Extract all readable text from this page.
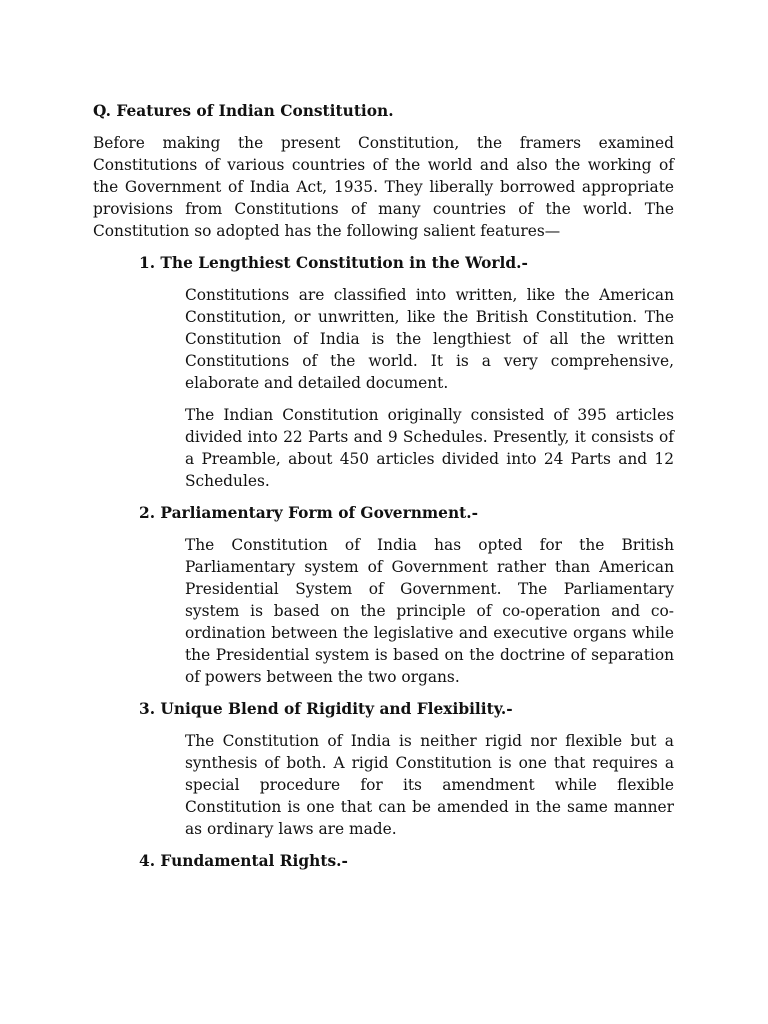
Q. Features of Indian Constitution.
Before making the present Constitution, the framers examined Constitutions of various countries of the world and also the working of the Government of India Act, 1935. They liberally borrowed appropriate provisions from Constitutions of many countries of the world. The Constitution so adopted has the following salient features—
1. The Lengthiest Constitution in the World.-
Constitutions are classified into written, like the American Constitution, or unwritten, like the British Constitution. The Constitution of India is the lengthiest of all the written Constitutions of the world. It is a very comprehensive, elaborate and detailed document.
The Indian Constitution originally consisted of 395 articles divided into 22 Parts and 9 Schedules. Presently, it consists of a Preamble, about 450 articles divided into 24 Parts and 12 Schedules.
2. Parliamentary Form of Government.-
The Constitution of India has opted for the British Parliamentary system of Government rather than American Presidential System of Government. The Parliamentary system is based on the principle of co-operation and co-ordination between the legislative and executive organs while the Presidential system is based on the doctrine of separation of powers between the two organs.
3. Unique Blend of Rigidity and Flexibility.-
The Constitution of India is neither rigid nor flexible but a synthesis of both. A rigid Constitution is one that requires a special procedure for its amendment while flexible Constitution is one that can be amended in the same manner as ordinary laws are made.
4. Fundamental Rights.-
